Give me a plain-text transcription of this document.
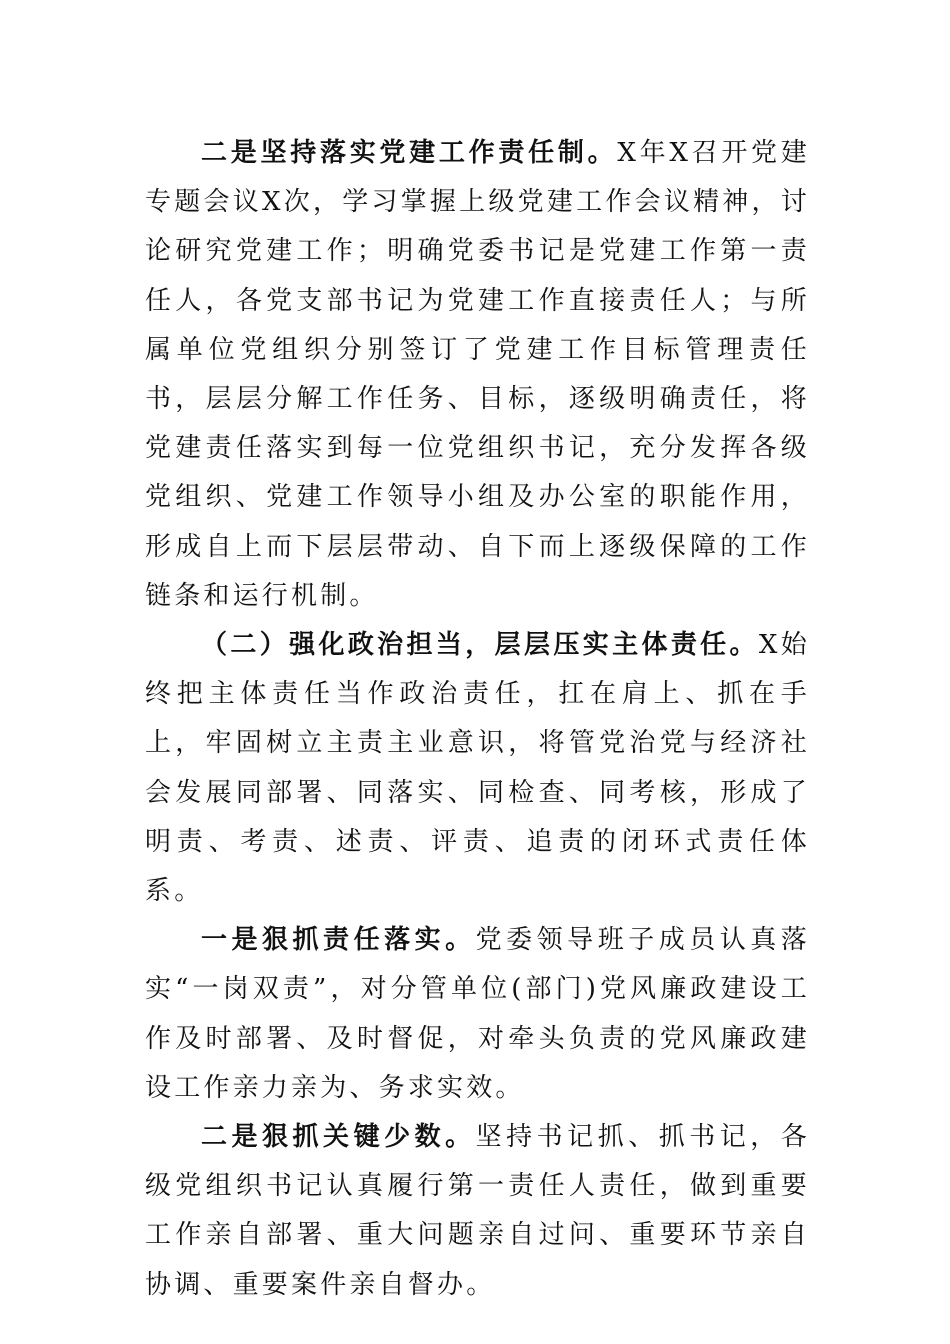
二是坚持落实党建工作责任制。X年X召开党建专题会议X次，学习掌握上级党建工作会议精神，讨论研究党建工作；明确党委书记是党建工作第一责任人，各党支部书记为党建工作直接责任人；与所属单位党组织分别签订了党建工作目标管理责任书，层层分解工作任务、目标，逐级明确责任，将党建责任落实到每一位党组织书记，充分发挥各级党组织、党建工作领导小组及办公室的职能作用，形成自上而下层层带动、自下而上逐级保障的工作链条和运行机制。

（二）强化政治担当，层层压实主体责任。X始终把主体责任当作政治责任，扛在肩上、抓在手上，牢固树立主责主业意识，将管党治党与经济社会发展同部署、同落实、同检查、同考核，形成了明责、考责、述责、评责、追责的闭环式责任体系。

一是狠抓责任落实。党委领导班子成员认真落实“一岗双责”，对分管单位(部门)党风廉政建设工作及时部署、及时督促，对牵头负责的党风廉政建设工作亲力亲为、务求实效。

二是狠抓关键少数。坚持书记抓、抓书记，各级党组织书记认真履行第一责任人责任，做到重要工作亲自部署、重大问题亲自过问、重要环节亲自协调、重要案件亲自督办。
